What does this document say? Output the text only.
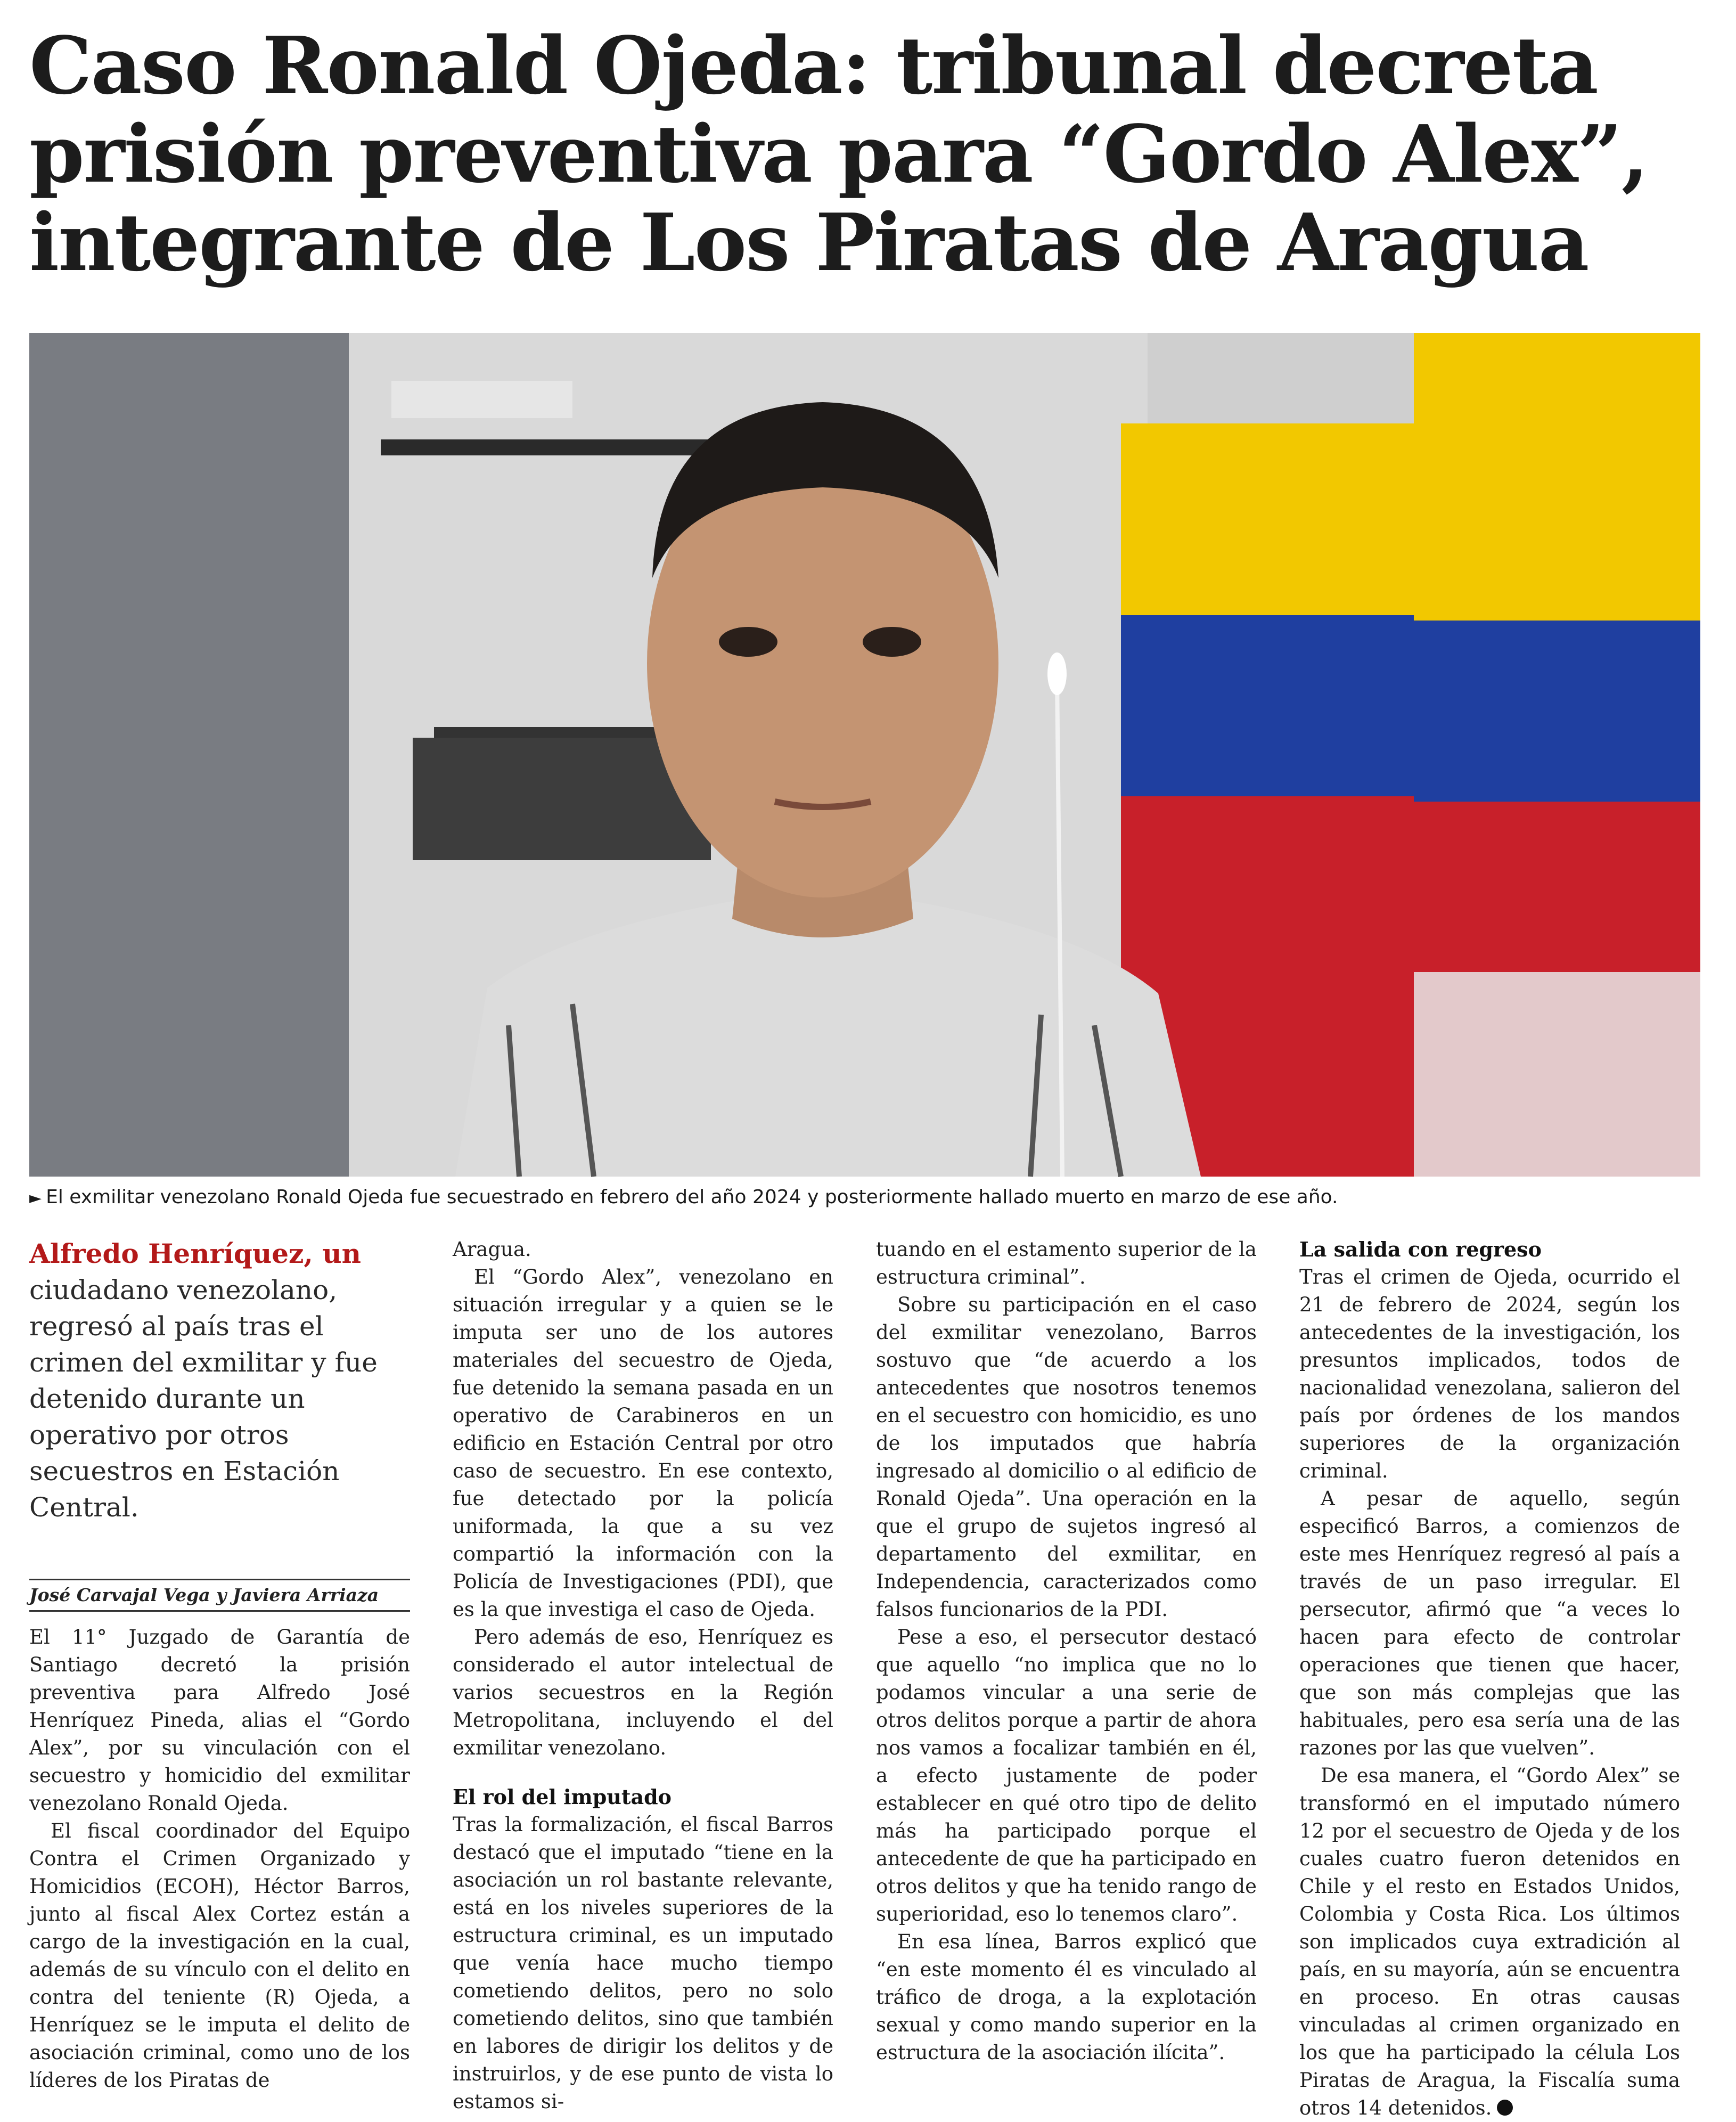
Caso Ronald Ojeda: tribunal decreta
prisión preventiva para “Gordo Alex”,
integrante de Los Piratas de Aragua
► El exmilitar venezolano Ronald Ojeda fue secuestrado en febrero del año 2024 y posteriormente hallado muerto en marzo de ese año.
Alfredo Henríquez, un ciudadano venezolano, regresó al país tras el crimen del exmilitar y fue detenido durante un operativo por otros secuestros en Estación Central.
José Carvajal Vega y Javiera Arriaza

El 11° Juzgado de Garantía de Santiago decretó la prisión preventiva para Alfredo José Henríquez Pineda, alias el “Gordo Alex”, por su vinculación con el secuestro y homicidio del exmilitar venezolano Ronald Ojeda.

El fiscal coordinador del Equipo Contra el Crimen Organizado y Homicidios (ECOH), Héctor Barros, junto al fiscal Alex Cortez están a cargo de la investigación en la cual, además de su vínculo con el delito en contra del teniente (R) Ojeda, a Henríquez se le imputa el delito de asociación criminal, como uno de los líderes de los Piratas de

Aragua.

El “Gordo Alex”, venezolano en situación irregular y a quien se le imputa ser uno de los autores materiales del secuestro de Ojeda, fue detenido la semana pasada en un operativo de Carabineros en un edificio en Estación Central por otro caso de secuestro. En ese contexto, fue detectado por la policía uniformada, la que a su vez compartió la información con la Policía de Investigaciones (PDI), que es la que investiga el caso de Ojeda.

Pero además de eso, Henríquez es considerado el autor intelectual de varios secuestros en la Región Metropolitana, incluyendo el del exmilitar venezolano.

El rol del imputado

Tras la formalización, el fiscal Barros destacó que el imputado “tiene en la asociación un rol bastante relevante, está en los niveles superiores de la estructura criminal, es un imputado que venía hace mucho tiempo cometiendo delitos, pero no solo cometiendo delitos, sino que también en labores de dirigir los delitos y de instruirlos, y de ese punto de vista lo estamos si-

tuando en el estamento superior de la estructura criminal”.

Sobre su participación en el caso del exmilitar venezolano, Barros sostuvo que “de acuerdo a los antecedentes que nosotros tenemos en el secuestro con homicidio, es uno de los imputados que habría ingresado al domicilio o al edificio de Ronald Ojeda”. Una operación en la que el grupo de sujetos ingresó al departamento del exmilitar, en Independencia, caracterizados como falsos funcionarios de la PDI.

Pese a eso, el persecutor destacó que aquello “no implica que no lo podamos vincular a una serie de otros delitos porque a partir de ahora nos vamos a focalizar también en él, a efecto justamente de poder establecer en qué otro tipo de delito más ha participado porque el antecedente de que ha participado en otros delitos y que ha tenido rango de superioridad, eso lo tenemos claro”.

En esa línea, Barros explicó que “en este momento él es vinculado al tráfico de droga, a la explotación sexual y como mando superior en la estructura de la asociación ilícita”.

La salida con regreso

Tras el crimen de Ojeda, ocurrido el 21 de febrero de 2024, según los antecedentes de la investigación, los presuntos implicados, todos de nacionalidad venezolana, salieron del país por órdenes de los mandos superiores de la organización criminal.

A pesar de aquello, según especificó Barros, a comienzos de este mes Henríquez regresó al país a través de un paso irregular. El persecutor, afirmó que “a veces lo hacen para efecto de controlar operaciones que tienen que hacer, que son más complejas que las habituales, pero esa sería una de las razones por las que vuelven”.

De esa manera, el “Gordo Alex” se transformó en el imputado número 12 por el secuestro de Ojeda y de los cuales cuatro fueron detenidos en Chile y el resto en Estados Unidos, Colombia y Costa Rica. Los últimos son implicados cuya extradición al país, en su mayoría, aún se encuentra en proceso. En otras causas vinculadas al crimen organizado en los que ha participado la célula Los Piratas de Aragua, la Fiscalía suma otros 14 detenidos.
